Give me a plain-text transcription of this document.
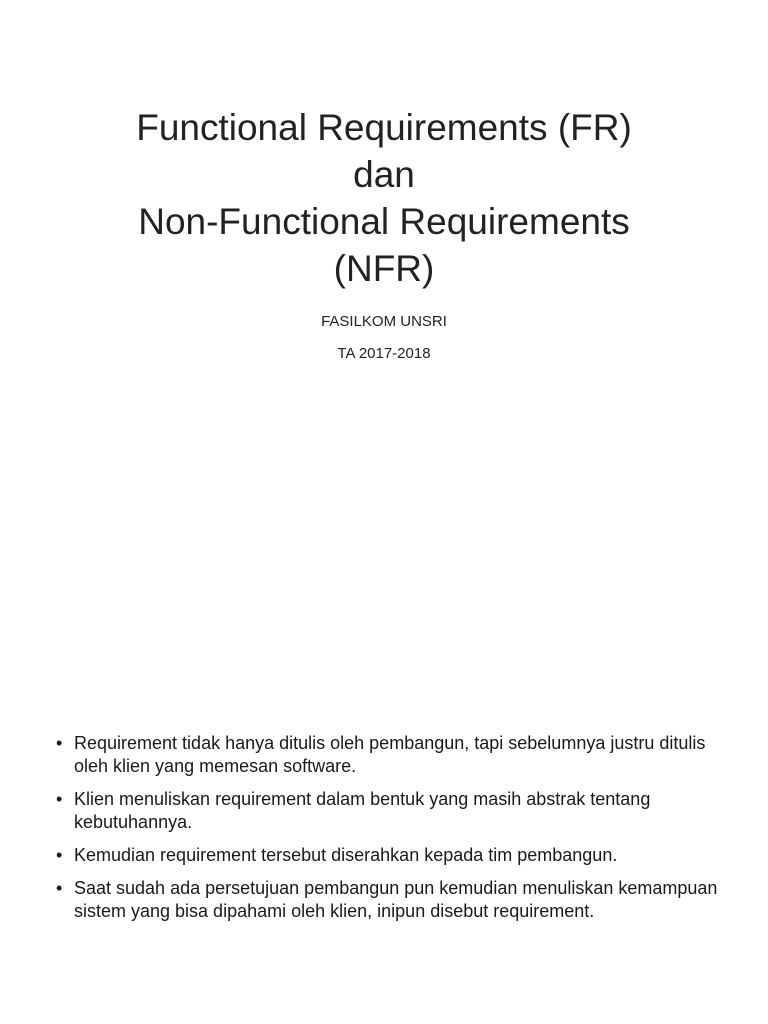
Functional Requirements (FR)
dan
Non-Functional Requirements
(NFR)
FASILKOM UNSRI
TA 2017-2018
• Requirement tidak hanya ditulis oleh pembangun, tapi sebelumnya justru ditulis oleh klien yang memesan software.
• Klien menuliskan requirement dalam bentuk yang masih abstrak tentang kebutuhannya.
• Kemudian requirement tersebut diserahkan kepada tim pembangun.
• Saat sudah ada persetujuan pembangun pun kemudian menuliskan kemampuan sistem yang bisa dipahami oleh klien, inipun disebut requirement.
